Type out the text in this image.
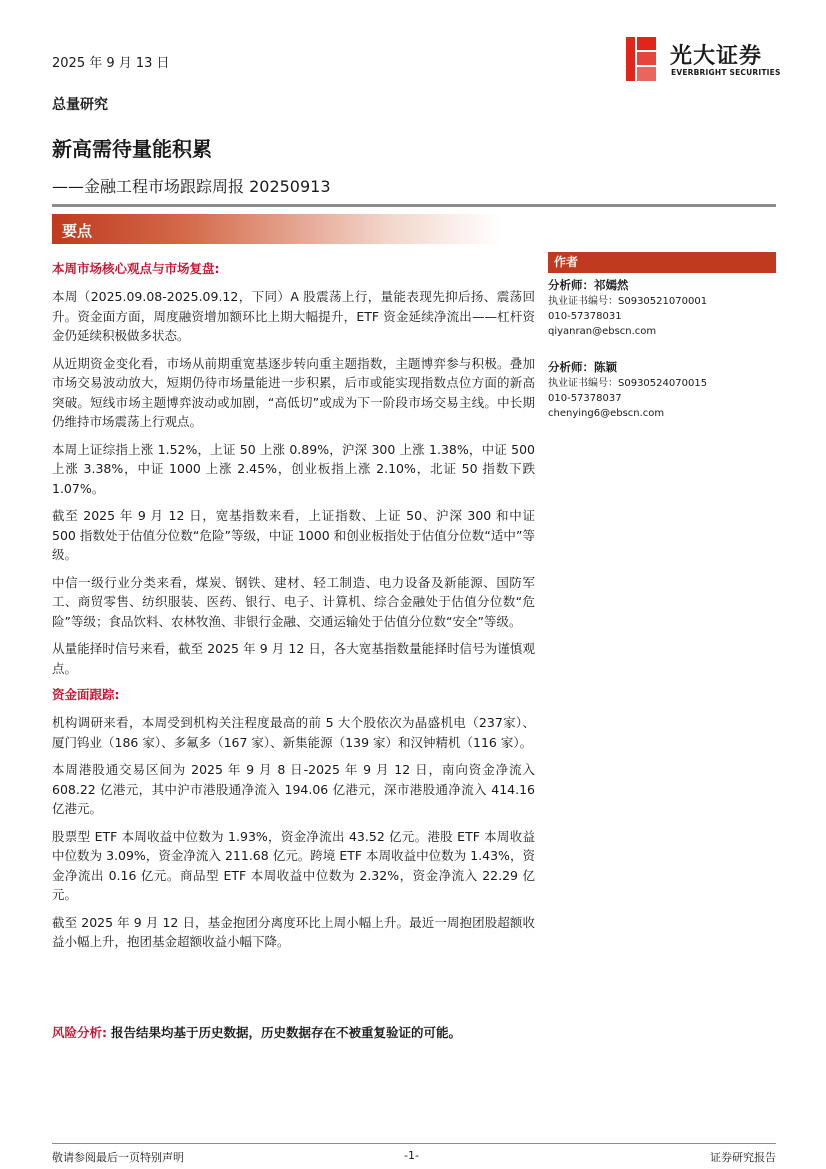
2025 年 9 月 13 日	光大证券
EVERBRIGHT SECURITIES
总量研究
新高需待量能积累
——金融工程市场跟踪周报 20250913
要点
本周市场核心观点与市场复盘:

本周（2025.09.08-2025.09.12，下同）A 股震荡上行，量能表现先抑后扬、震荡回升。资金面方面，周度融资增加额环比上期大幅提升，ETF 资金延续净流出——杠杆资金仍延续积极做多状态。

从近期资金变化看，市场从前期重宽基逐步转向重主题指数，主题博弈参与积极。叠加市场交易波动放大，短期仍待市场量能进一步积累，后市或能实现指数点位方面的新高突破。短线市场主题博弈波动或加剧，“高低切”或成为下一阶段市场交易主线。中长期仍维持市场震荡上行观点。

本周上证综指上涨 1.52%，上证 50 上涨 0.89%，沪深 300 上涨 1.38%，中证 500 上涨 3.38%，中证 1000 上涨 2.45%，创业板指上涨 2.10%，北证 50 指数下跌 1.07%。

截至 2025 年 9 月 12 日，宽基指数来看，上证指数、上证 50、沪深 300 和中证 500 指数处于估值分位数“危险”等级，中证 1000 和创业板指处于估值分位数“适中”等级。

中信一级行业分类来看，煤炭、钢铁、建材、轻工制造、电力设备及新能源、国防军工、商贸零售、纺织服装、医药、银行、电子、计算机、综合金融处于估值分位数“危险”等级；食品饮料、农林牧渔、非银行金融、交通运输处于估值分位数“安全”等级。

从量能择时信号来看，截至 2025 年 9 月 12 日，各大宽基指数量能择时信号为谨慎观点。

资金面跟踪:

机构调研来看，本周受到机构关注程度最高的前 5 大个股依次为晶盛机电（237家）、厦门钨业（186 家）、多氟多（167 家）、新集能源（139 家）和汉钟精机（116 家）。

本周港股通交易区间为 2025 年 9 月 8 日-2025 年 9 月 12 日，南向资金净流入 608.22 亿港元，其中沪市港股通净流入 194.06 亿港元，深市港股通净流入 414.16 亿港元。

股票型 ETF 本周收益中位数为 1.93%，资金净流出 43.52 亿元。港股 ETF 本周收益中位数为 3.09%，资金净流入 211.68 亿元。跨境 ETF 本周收益中位数为 1.43%，资金净流出 0.16 亿元。商品型 ETF 本周收益中位数为 2.32%，资金净流入 22.29 亿元。

截至 2025 年 9 月 12 日，基金抱团分离度环比上周小幅上升。最近一周抱团股超额收益小幅上升，抱团基金超额收益小幅下降。

风险分析: 报告结果均基于历史数据，历史数据存在不被重复验证的可能。
作者
分析师：祁嫣然
执业证书编号：S0930521070001
010-57378031
qiyanran@ebscn.com
分析师：陈颖
执业证书编号：S0930524070015
010-57378037
chenying6@ebscn.com
敬请参阅最后一页特别声明	-1-	证券研究报告
